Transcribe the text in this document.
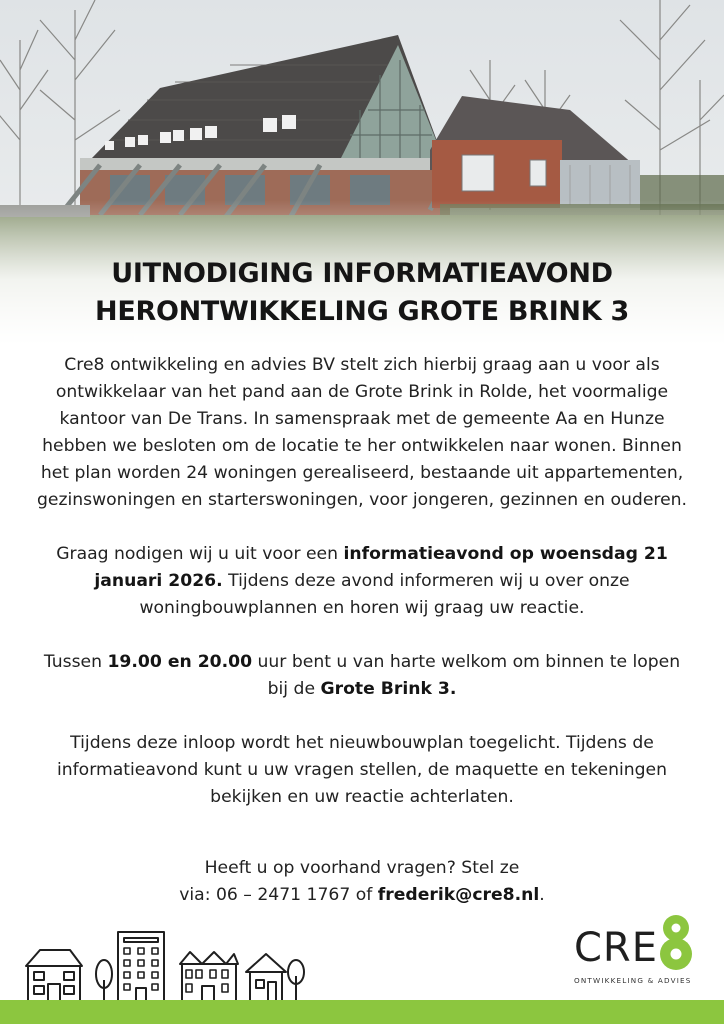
UITNODIGING INFORMATIEAVOND
HERONTWIKKELING GROTE BRINK 3

Cre8 ontwikkeling en advies BV stelt zich hierbij graag aan u voor als ontwikkelaar van het pand aan de Grote Brink in Rolde, het voormalige kantoor van De Trans. In samenspraak met de gemeente Aa en Hunze hebben we besloten om de locatie te her ontwikkelen naar wonen. Binnen het plan worden 24 woningen gerealiseerd, bestaande uit appartementen, gezinswoningen en starterswoningen, voor jongeren, gezinnen en ouderen.

Graag nodigen wij u uit voor een informatieavond op woensdag 21 januari 2026. Tijdens deze avond informeren wij u over onze woningbouwplannen en horen wij graag uw reactie.

Tussen 19.00 en 20.00 uur bent u van harte welkom om binnen te lopen bij de Grote Brink 3.

Tijdens deze inloop wordt het nieuwbouwplan toegelicht. Tijdens de informatieavond kunt u uw vragen stellen, de maquette en tekeningen bekijken en uw reactie achterlaten.

Heeft u op voorhand vragen? Stel ze
via: 06 – 2471 1767 of frederik@cre8.nl.
CRE
ONTWIKKELING & ADVIES
